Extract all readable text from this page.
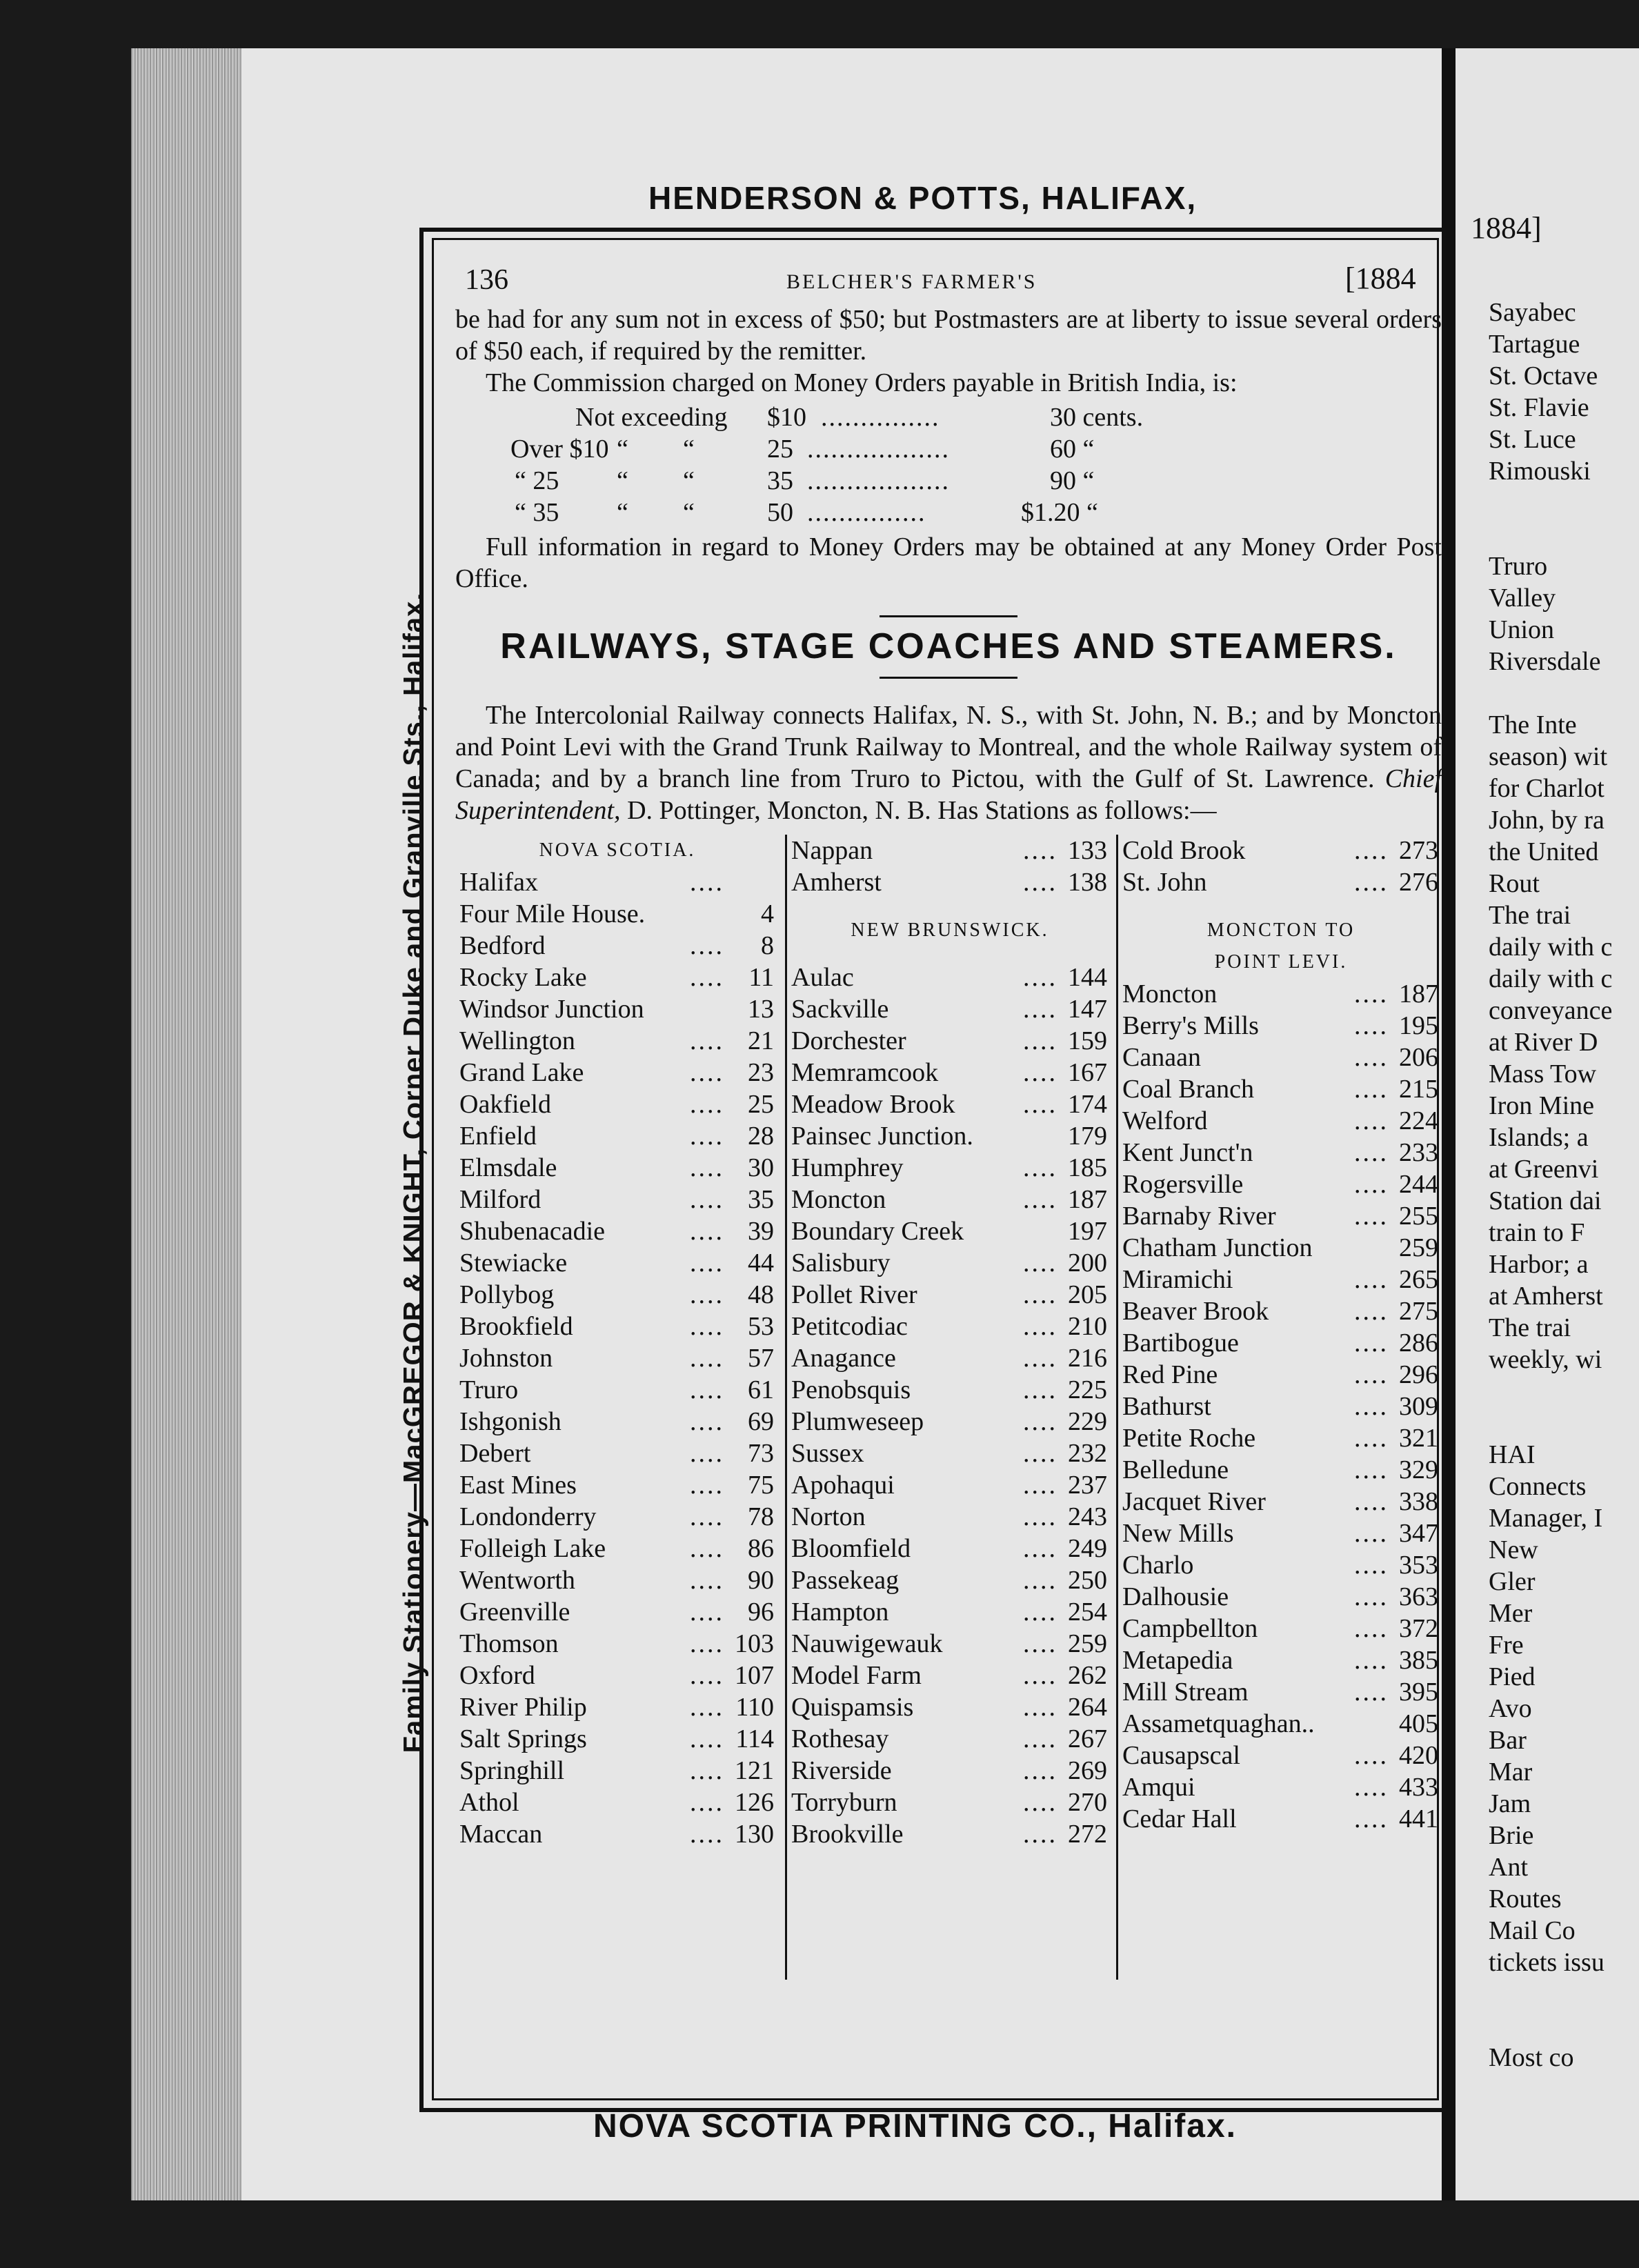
Sayabec
Tartague
St. Octave
St. Flavie
St. Luce
Rimouski
Truro
Valley
Union
Riversdale
The Inte
season) wit
for Charlot
John, by ra
the United
Rout
The trai
daily with c
daily with c
conveyance
at River D
Mass Tow
Iron Mine
Islands; a
at Greenvi
Station dai
train to F
Harbor; a
at Amherst
The trai
weekly, wi
HAI
Connects
Manager, I
New
Gler
Mer
Fre
Pied
Avo
Bar
Mar
Jam
Brie
Ant
Routes
Mail Co
tickets issu
Most co
1884]
Family Stationery—MacGREGOR & KNIGHT, Corner Duke and Granville Sts., Halifax.
HENDERSON & POTTS, HALIFAX,
136	BELCHER'S FARMER'S	[1884

be had for any sum not in excess of $50; but Postmasters are at liberty to issue several orders of $50 each, if required by the remitter.

The Commission charged on Money Orders payable in British India, is:

Not exceeding $10 ...............	30 cents.
Over $10 “ “	25 ..................	60 “
“ 25 “ “	35 ..................	90 “
“ 35 “ “	50 ...............	$1.20 “

Full information in regard to Money Orders may be obtained at any Money Order Post Office.

RAILWAYS, STAGE COACHES AND STEAMERS.

The Intercolonial Railway connects Halifax, N. S., with St. John, N. B.; and by Moncton and Point Levi with the Grand Trunk Railway to Montreal, and the whole Railway system of Canada; and by a branch line from Truro to Pictou, with the Gulf of St. Lawrence. Chief Superintendent, D. Pottinger, Moncton, N. B. Has Stations as follows:—

NOVA SCOTIA.
Halifax	....
Four Mile House.	4
Bedford	.... 8
Rocky Lake	.... 11
Windsor Junction	13
Wellington	.... 21
Grand Lake	.... 23
Oakfield	.... 25
Enfield	.... 28
Elmsdale	.... 30
Milford	.... 35
Shubenacadie	.... 39
Stewiacke	.... 44
Pollybog	.... 48
Brookfield	.... 53
Johnston	.... 57
Truro	.... 61
Ishgonish	.... 69
Debert	.... 73
East Mines	.... 75
Londonderry	.... 78
Folleigh Lake	.... 86
Wentworth	.... 90
Greenville	.... 96
Thomson	.... 103
Oxford	.... 107
River Philip	.... 110
Salt Springs	.... 114
Springhill	.... 121
Athol	.... 126
Maccan	.... 130
Nappan	.... 133
Amherst	.... 138
NEW BRUNSWICK.
Aulac	.... 144
Sackville	.... 147
Dorchester	.... 159
Memramcook	.... 167
Meadow Brook	.... 174
Painsec Junction.	179
Humphrey	.... 185
Moncton	.... 187
Boundary Creek	197
Salisbury	.... 200
Pollet River	.... 205
Petitcodiac	.... 210
Anagance	.... 216
Penobsquis	.... 225
Plumweseep	.... 229
Sussex	.... 232
Apohaqui	.... 237
Norton	.... 243
Bloomfield	.... 249
Passekeag	.... 250
Hampton	.... 254
Nauwigewauk	.... 259
Model Farm	.... 262
Quispamsis	.... 264
Rothesay	.... 267
Riverside	.... 269
Torryburn	.... 270
Brookville	.... 272
Cold Brook	.... 273
St. John	.... 276
MONCTON TO
POINT LEVI.
Moncton	.... 187
Berry's Mills	.... 195
Canaan	.... 206
Coal Branch	.... 215
Welford	.... 224
Kent Junct'n	.... 233
Rogersville	.... 244
Barnaby River	.... 255
Chatham Junction	259
Miramichi	.... 265
Beaver Brook	.... 275
Bartibogue	.... 286
Red Pine	.... 296
Bathurst	.... 309
Petite Roche	.... 321
Belledune	.... 329
Jacquet River	.... 338
New Mills	.... 347
Charlo	.... 353
Dalhousie	.... 363
Campbellton	.... 372
Metapedia	.... 385
Mill Stream	.... 395
Assametquaghan..	405
Causapscal	.... 420
Amqui	.... 433
Cedar Hall	.... 441
NOVA SCOTIA PRINTING CO., Halifax.
